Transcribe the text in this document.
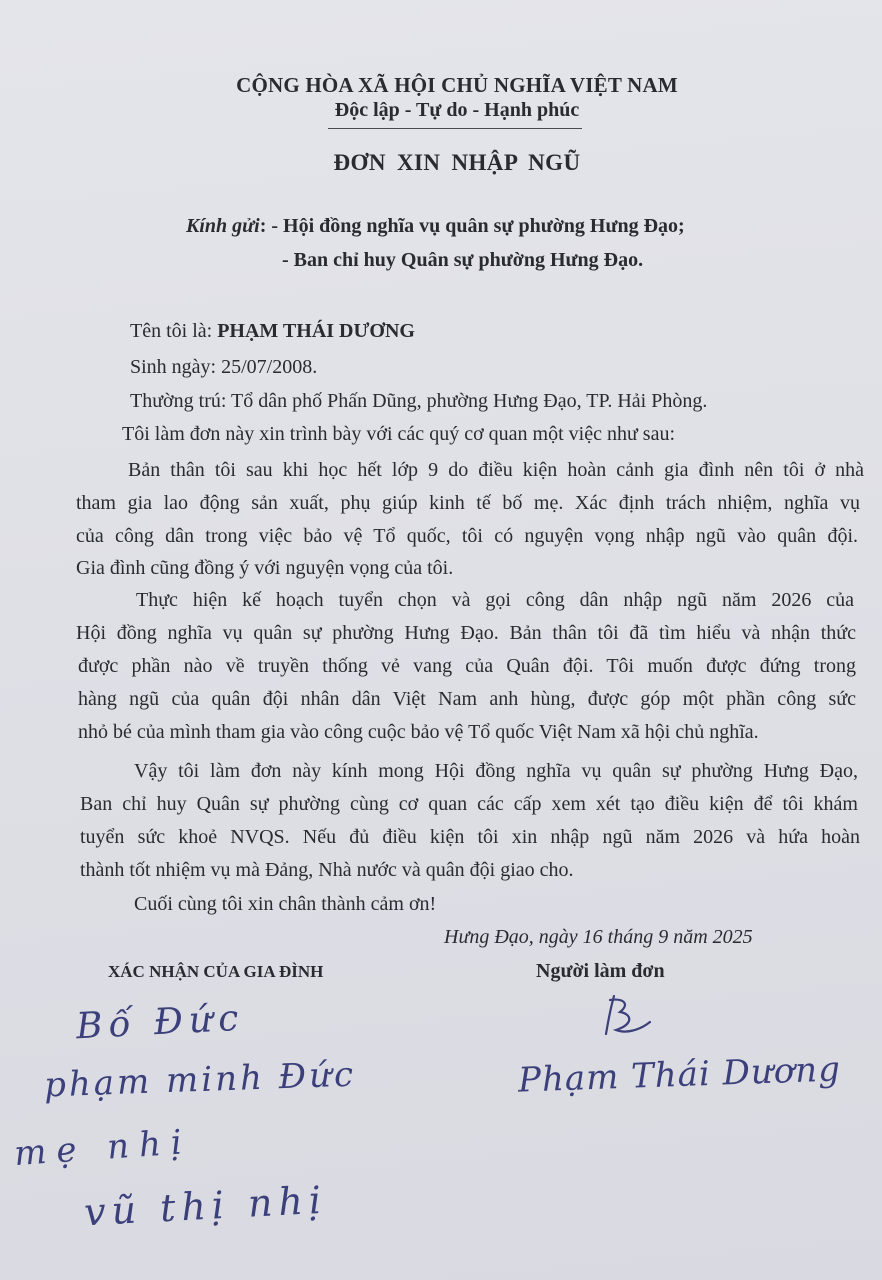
CỘNG HÒA XÃ HỘI CHỦ NGHĨA VIỆT NAM
Độc lập - Tự do - Hạnh phúc
ĐƠN XIN NHẬP NGŨ
Kính gửi: - Hội đồng nghĩa vụ quân sự phường Hưng Đạo;
- Ban chỉ huy Quân sự phường Hưng Đạo.
Tên tôi là: PHẠM THÁI DƯƠNG
Sinh ngày: 25/07/2008.
Thường trú: Tổ dân phố Phấn Dũng, phường Hưng Đạo, TP. Hải Phòng.
Tôi làm đơn này xin trình bày với các quý cơ quan một việc như sau:
Bản thân tôi sau khi học hết lớp 9 do điều kiện hoàn cảnh gia đình nên tôi ở nhà
tham gia lao động sản xuất, phụ giúp kinh tế bố mẹ. Xác định trách nhiệm, nghĩa vụ
của công dân trong việc bảo vệ Tổ quốc, tôi có nguyện vọng nhập ngũ vào quân đội.
Gia đình cũng đồng ý với nguyện vọng của tôi.
Thực hiện kế hoạch tuyển chọn và gọi công dân nhập ngũ năm 2026 của
Hội đồng nghĩa vụ quân sự phường Hưng Đạo. Bản thân tôi đã tìm hiểu và nhận thức
được phần nào về truyền thống vẻ vang của Quân đội. Tôi muốn được đứng trong
hàng ngũ của quân đội nhân dân Việt Nam anh hùng, được góp một phần công sức
nhỏ bé của mình tham gia vào công cuộc bảo vệ Tổ quốc Việt Nam xã hội chủ nghĩa.
Vậy tôi làm đơn này kính mong Hội đồng nghĩa vụ quân sự phường Hưng Đạo,
Ban chỉ huy Quân sự phường cùng cơ quan các cấp xem xét tạo điều kiện để tôi khám
tuyển sức khoẻ NVQS. Nếu đủ điều kiện tôi xin nhập ngũ năm 2026 và hứa hoàn
thành tốt nhiệm vụ mà Đảng, Nhà nước và quân đội giao cho.
Cuối cùng tôi xin chân thành cảm ơn!
Hưng Đạo, ngày 16 tháng 9 năm 2025
XÁC NHẬN CỦA GIA ĐÌNH	Người làm đơn
Bố Đức
phạm minh Đức
mẹ nhị
vũ thị nhị
Phạm Thái Dương
